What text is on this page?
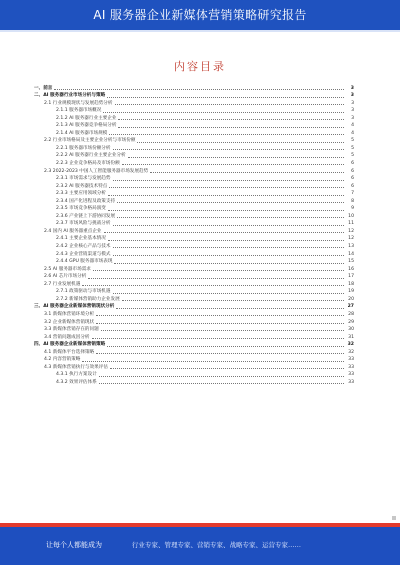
AI 服务器企业新媒体营销策略研究报告
内容目录
一、前言	3
二、AI 服务器行业市场分析与策略	3
2.1 行业规模现状与发展趋势分析	3
2.1.1 服务器市场概况	3
2.1.2 AI 服务器行业主要企业	3
2.1.3 AI 服务器竞争格局分析	4
2.1.4 AI 服务器市场规模	4
2.2 行业市场格局及主要企业分析与市场份额	5
2.2.1 服务器市场份额分析	5
2.2.2 AI 服务器行业主要企业分析	5
2.2.3 企业竞争格局及市场份额	6
2.3 2022-2023 中国人工智能服务器市场发展趋势	6
2.3.1 市场需求与发展趋势	6
2.3.2 AI 服务器技术特点	6
2.3.3 主要应用领域分析	7
2.3.4 国产化进程及政策支持	8
2.3.5 市场竞争格局演变	9
2.3.6 产业链上下游协同发展	10
2.3.7 市场风险与挑战分析	11
2.4 国内 AI 服务器重点企业	12
2.4.1 主要企业基本情况	12
2.4.2 企业核心产品与技术	13
2.4.3 企业营销渠道与模式	14
2.4.4 GPU 服务器市场表现	15
2.5 AI 服务器市场需求	16
2.6 AI 芯片市场分析	17
2.7 行业发展机遇	18
2.7.1 政策驱动与市场机遇	19
2.7.2 新媒体营销助力企业发展	20
三、AI 服务器企业新媒体营销现状分析	27
3.1 新媒体营销环境分析	28
3.2 企业新媒体营销现状	29
3.3 新媒体营销存在的问题	30
3.4 营销问题成因分析	31
四、AI 服务器企业新媒体营销策略	32
4.1 新媒体平台选择策略	32
4.2 内容营销策略	33
4.3 新媒体营销执行与效果评估	33
4.3.1 执行方案设计	33
4.3.2 效果评估体系	33
让每个人都能成为	行业专家、管理专家、营销专家、战略专家、运营专家……
